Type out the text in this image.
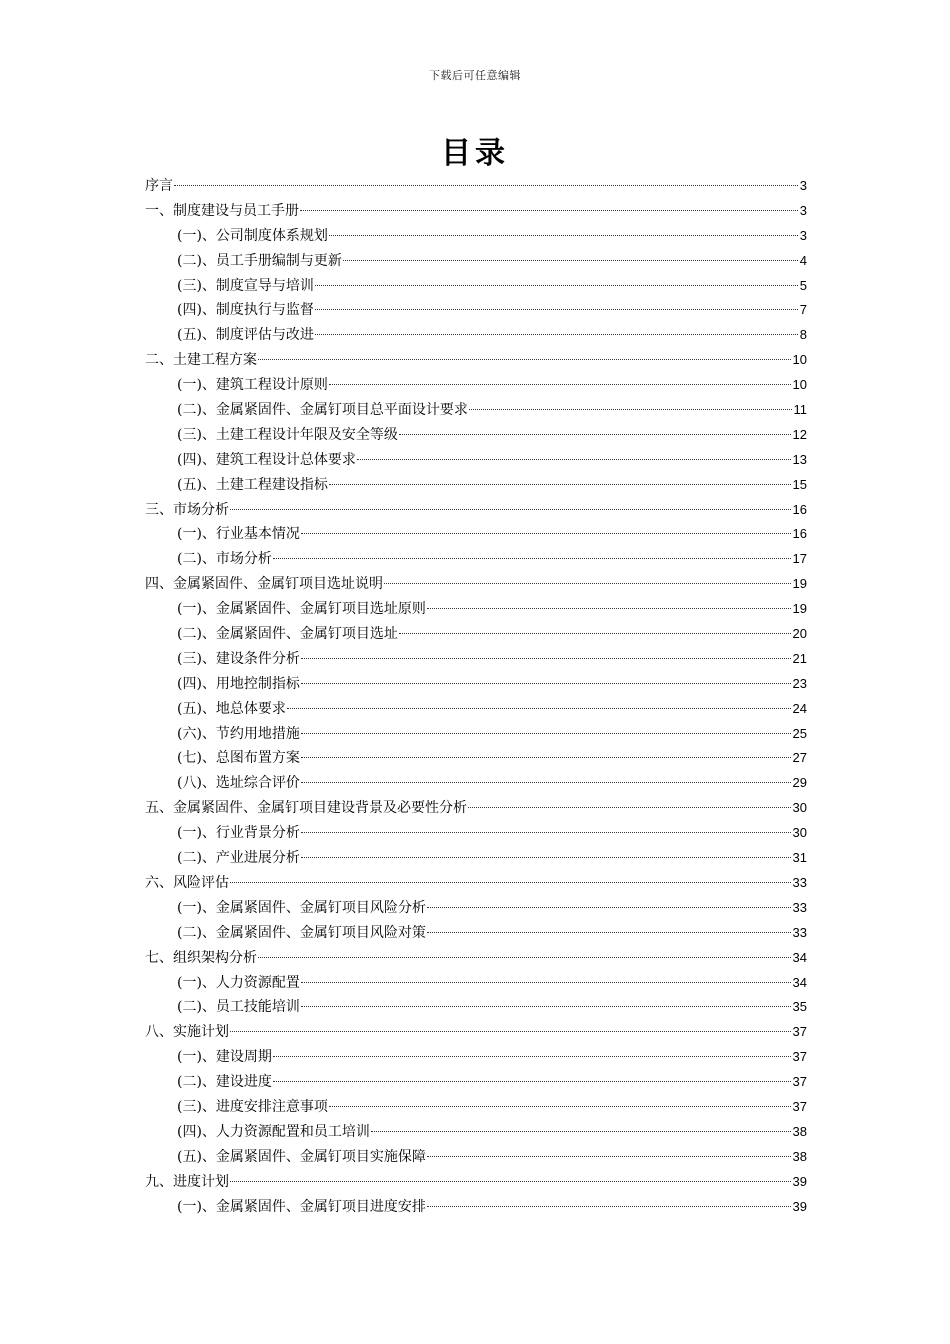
下载后可任意编辑
目录
序言	3
一、制度建设与员工手册	3
(一)、公司制度体系规划	3
(二)、员工手册编制与更新	4
(三)、制度宣导与培训	5
(四)、制度执行与监督	7
(五)、制度评估与改进	8
二、土建工程方案	10
(一)、建筑工程设计原则	10
(二)、金属紧固件、金属钉项目总平面设计要求	11
(三)、土建工程设计年限及安全等级	12
(四)、建筑工程设计总体要求	13
(五)、土建工程建设指标	15
三、市场分析	16
(一)、行业基本情况	16
(二)、市场分析	17
四、金属紧固件、金属钉项目选址说明	19
(一)、金属紧固件、金属钉项目选址原则	19
(二)、金属紧固件、金属钉项目选址	20
(三)、建设条件分析	21
(四)、用地控制指标	23
(五)、地总体要求	24
(六)、节约用地措施	25
(七)、总图布置方案	27
(八)、选址综合评价	29
五、金属紧固件、金属钉项目建设背景及必要性分析	30
(一)、行业背景分析	30
(二)、产业进展分析	31
六、风险评估	33
(一)、金属紧固件、金属钉项目风险分析	33
(二)、金属紧固件、金属钉项目风险对策	33
七、组织架构分析	34
(一)、人力资源配置	34
(二)、员工技能培训	35
八、实施计划	37
(一)、建设周期	37
(二)、建设进度	37
(三)、进度安排注意事项	37
(四)、人力资源配置和员工培训	38
(五)、金属紧固件、金属钉项目实施保障	38
九、进度计划	39
(一)、金属紧固件、金属钉项目进度安排	39
